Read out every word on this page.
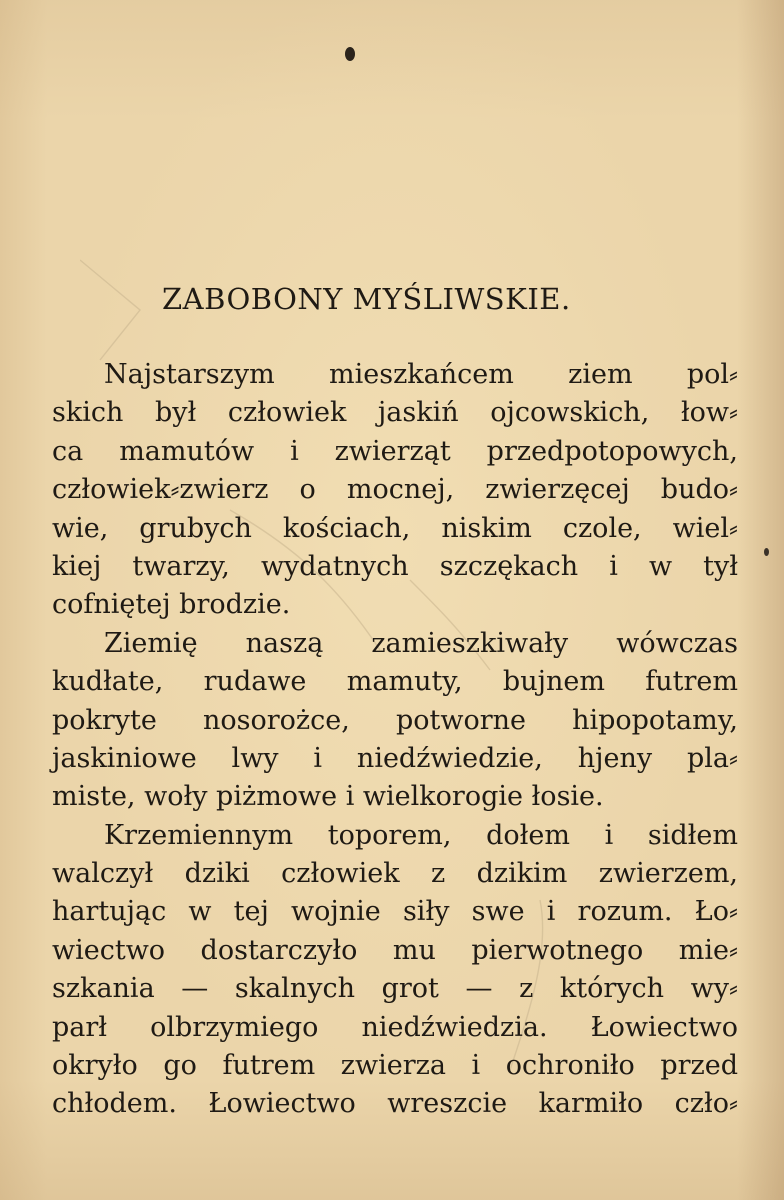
ZABOBONY MYŚLIWSKIE.
Najstarszym mieszkańcem ziem pol⸗
skich był człowiek jaskiń ojcowskich, łow⸗
ca mamutów i zwierząt przedpotopowych,
człowiek⸗zwierz o mocnej, zwierzęcej budo⸗
wie, grubych kościach, niskim czole, wiel⸗
kiej twarzy, wydatnych szczękach i w tył
cofniętej brodzie.
Ziemię naszą zamieszkiwały wówczas
kudłate, rudawe mamuty, bujnem futrem
pokryte nosorożce, potworne hipopotamy,
jaskiniowe lwy i niedźwiedzie, hjeny pla⸗
miste, woły piżmowe i wielkorogie łosie.
Krzemiennym toporem, dołem i sidłem
walczył dziki człowiek z dzikim zwierzem,
hartując w tej wojnie siły swe i rozum. Ło⸗
wiectwo dostarczyło mu pierwotnego mie⸗
szkania — skalnych grot — z których wy⸗
parł olbrzymiego niedźwiedzia. Łowiectwo
okryło go futrem zwierza i ochroniło przed
chłodem. Łowiectwo wreszcie karmiło czło⸗
